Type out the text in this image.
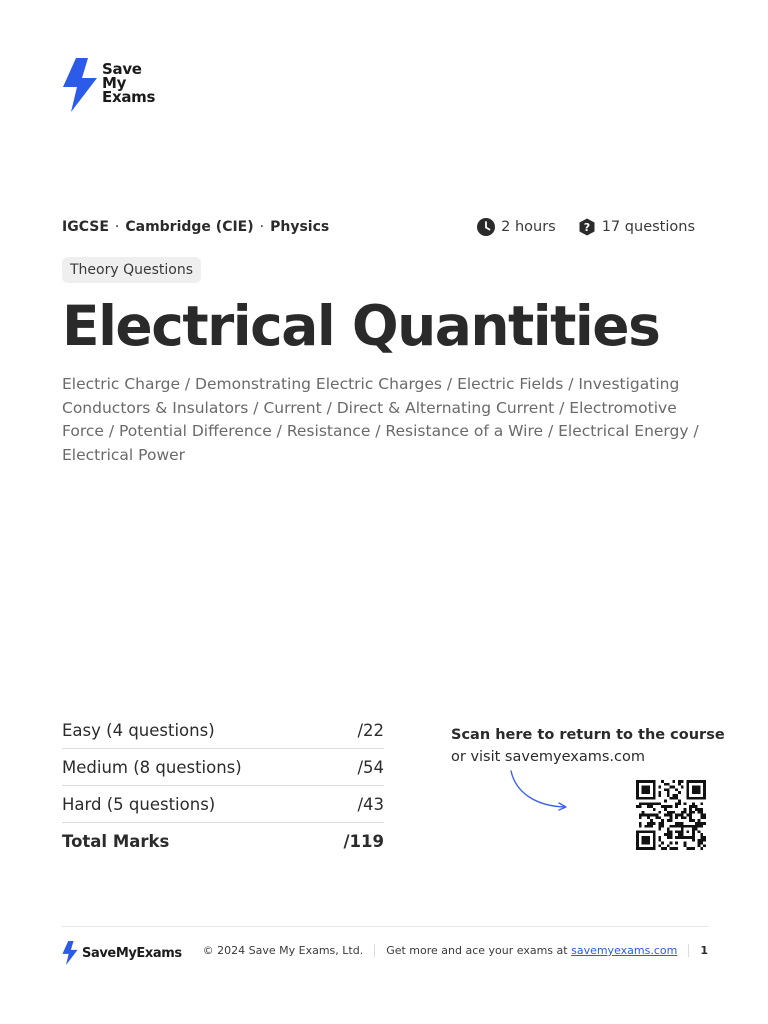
Save
My
Exams
IGCSE · Cambridge (CIE) · Physics	2 hours	? 17 questions
Theory Questions
Electrical Quantities
Electric Charge / Demonstrating Electric Charges / Electric Fields / Investigating Conductors & Insulators / Current / Direct & Alternating Current / Electromotive Force / Potential Difference / Resistance / Resistance of a Wire / Electrical Energy / Electrical Power
Easy (4 questions)	/22
Medium (8 questions)	/54
Hard (5 questions)	/43
Total Marks	/119
Scan here to return to the course
or visit savemyexams.com
SaveMyExams © 2024 Save My Exams, Ltd. Get more and ace your exams at
savemyexams.com 1
